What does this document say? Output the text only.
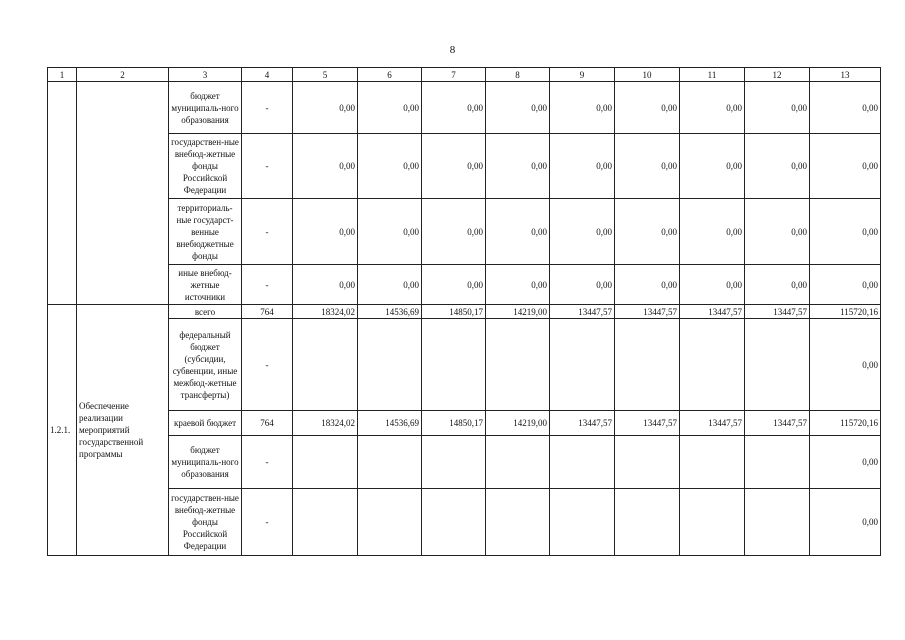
8
1	2	3	4	5	6	7	8	9	10	11	12	13
		бюджет муниципаль-ного образования	-	0,00	0,00	0,00	0,00	0,00	0,00	0,00	0,00	0,00
		государствен-ные внебюд-жетные фонды Российской Федерации	-	0,00	0,00	0,00	0,00	0,00	0,00	0,00	0,00	0,00
		территориаль-ные государст-венные внебюджетные фонды	-	0,00	0,00	0,00	0,00	0,00	0,00	0,00	0,00	0,00
		иные внебюд-жетные источники	-	0,00	0,00	0,00	0,00	0,00	0,00	0,00	0,00	0,00
1.2.1.	Обеспечение реализации мероприятий государственной программы	всего	764	18324,02	14536,69	14850,17	14219,00	13447,57	13447,57	13447,57	13447,57	115720,16
		федеральный бюджет (субсидии, субвенции, иные межбюд-жетные трансферты)	-									0,00
		краевой бюджет	764	18324,02	14536,69	14850,17	14219,00	13447,57	13447,57	13447,57	13447,57	115720,16
		бюджет муниципаль-ного образования	-									0,00
		государствен-ные внебюд-жетные фонды Российской Федерации	-									0,00
